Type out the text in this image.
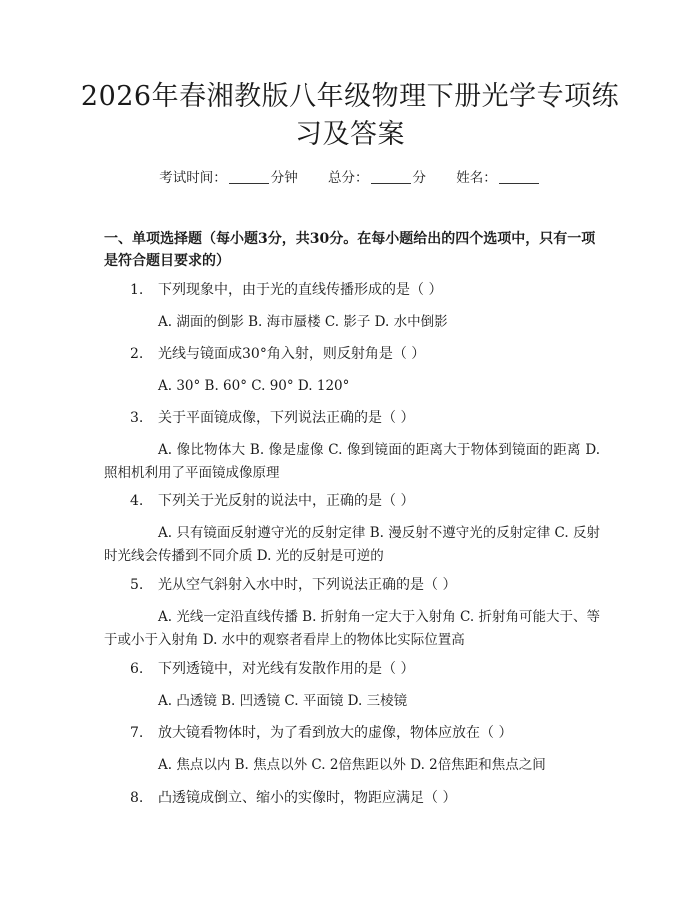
2026年春湘教版八年级物理下册光学专项练
习及答案
考试时间：	分钟 总分：	分 姓名：
一、单项选择题（每小题3分，共30分。在每小题给出的四个选项中，只有一项是符合题目要求的）
1. 下列现象中，由于光的直线传播形成的是（ ）
A. 湖面的倒影 B. 海市蜃楼 C. 影子 D. 水中倒影
2. 光线与镜面成30°角入射，则反射角是（ ）
A. 30° B. 60° C. 90° D. 120°
3. 关于平面镜成像，下列说法正确的是（ ）
A. 像比物体大 B. 像是虚像 C. 像到镜面的距离大于物体到镜面的距离 D. 照相机利用了平面镜成像原理
4. 下列关于光反射的说法中，正确的是（ ）
A. 只有镜面反射遵守光的反射定律 B. 漫反射不遵守光的反射定律 C. 反射时光线会传播到不同介质 D. 光的反射是可逆的
5. 光从空气斜射入水中时，下列说法正确的是（ ）
A. 光线一定沿直线传播 B. 折射角一定大于入射角 C. 折射角可能大于、等于或小于入射角 D. 水中的观察者看岸上的物体比实际位置高
6. 下列透镜中，对光线有发散作用的是（ ）
A. 凸透镜 B. 凹透镜 C. 平面镜 D. 三棱镜
7. 放大镜看物体时，为了看到放大的虚像，物体应放在（ ）
A. 焦点以内 B. 焦点以外 C. 2倍焦距以外 D. 2倍焦距和焦点之间
8. 凸透镜成倒立、缩小的实像时，物距应满足（ ）
